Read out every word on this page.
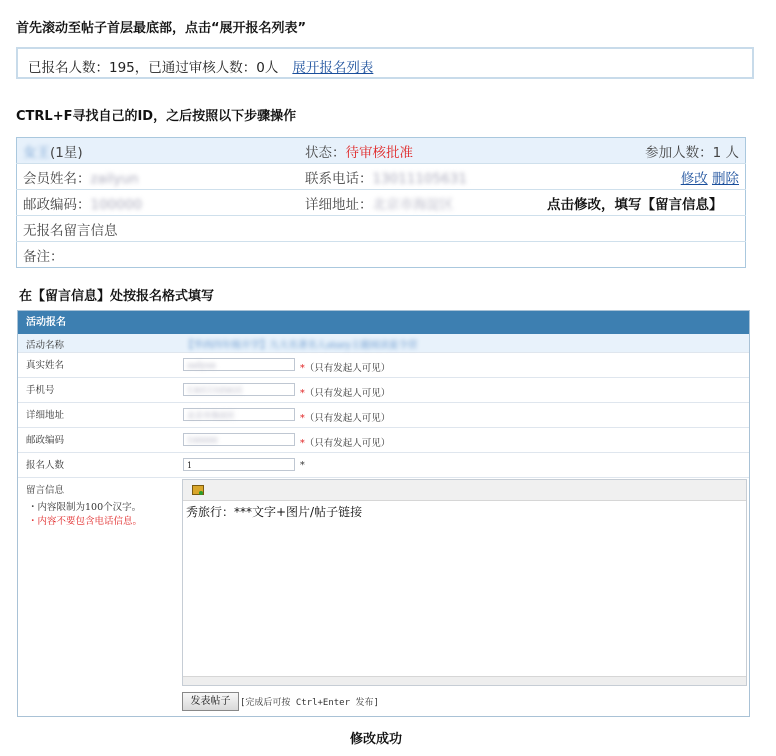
首先滚动至帖子首层最底部，点击“展开报名列表”
已报名人数：195，已通过审核人数：0人 展开报名列表
CTRL+F寻找自己的ID，之后按照以下步骤操作
女王(1星)	状态：待审核批准	参加人数：1 人
会员姓名：zailyun	联系电话：13011105631	修改 删除
邮政编码：100000	详细地址：北京市海淀区	点击修改，填写【留言信息】
无报名留言信息		
备注：		
在【留言信息】处按报名格式填写
活动报名
活动名称	【华西四年级开学】九大名著名人story主题阅读夏令营
真实姓名	zailyun	*（只有发起人可见）
手机号	13011105631	*（只有发起人可见）
详细地址	北京市海淀区	*（只有发起人可见）
邮政编码	100000	*（只有发起人可见）
报名人数	1	*
留言信息
・内容限制为100个汉字。
・内容不要包含电话信息。
秀旅行：***文字+图片/帖子链接
发表帖子	[完成后可按 Ctrl+Enter 发布]
修改成功
